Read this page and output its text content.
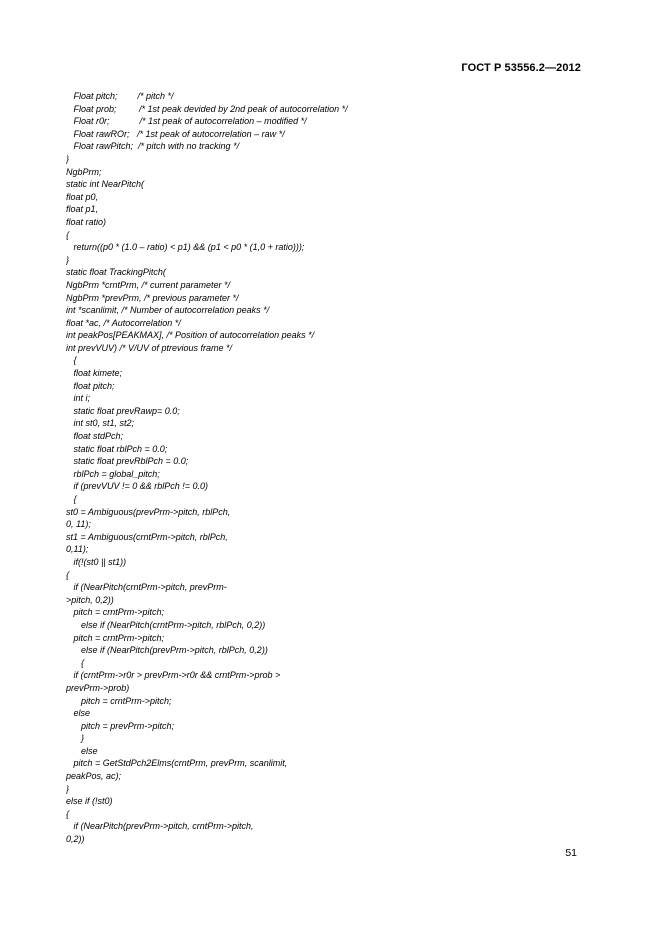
ГОСТ Р 53556.2—2012
Float pitch;        /* pitch */
Float prob;         /* 1st peak devided by 2nd peak of autocorrelation */
Float r0r;            /* 1st peak of autocorrelation – modified */
Float rawROr;   /* 1st peak of autocorrelation – raw */
Float rawPitch;  /* pitch with no tracking */
}
NgbPrm;
static int NearPitch(
float p0,
float p1,
float ratio)
{
return((p0 * (1.0 – ratio) < p1) && (p1 < p0 * (1,0 + ratio)));
}
static float TrackingPitch(
NgbPrm *crntPrm, /* current parameter */
NgbPrm *prevPrm, /* previous parameter */
int *scanlimit, /* Number of autocorrelation peaks */
float *ac, /* Autocorrelation */
int peakPos[PEAKMAX], /* Position of autocorrelation peaks */
int prevVUV) /* V/UV of ptrevious frame */
{
float kimete;
float pitch;
int i;
static float prevRawp= 0.0;
int st0, st1, st2;
float stdPch;
static float rblPch = 0.0;
static float prevRblPch = 0.0;
rblPch = global_pitch;
if (prevVUV != 0 && rblPch != 0.0)
{
st0 = Ambiguous(prevPrm->pitch, rblPch,
0, 11);
st1 = Ambiguous(crntPrm->pitch, rblPch,
0,11);
if(!(st0 || st1))
{
if (NearPitch(crntPrm->pitch, prevPrm-
>pitch, 0,2))
pitch = crntPrm->pitch;
else if (NearPitch(crntPrm->pitch, rblPch, 0,2))
pitch = crntPrm->pitch;
else if (NearPitch(prevPrm->pitch, rblPch, 0,2))
{
if (crntPrm->r0r > prevPrm->r0r && crntPrm->prob >
prevPrm->prob)
pitch = crntPrm->pitch;
else
pitch = prevPrm->pitch;
}
else
pitch = GetStdPch2Elms(crntPrm, prevPrm, scanlimit,
peakPos, ac);
}
else if (!st0)
{
if (NearPitch(prevPrm->pitch, crntPrm->pitch,
0,2))
51
